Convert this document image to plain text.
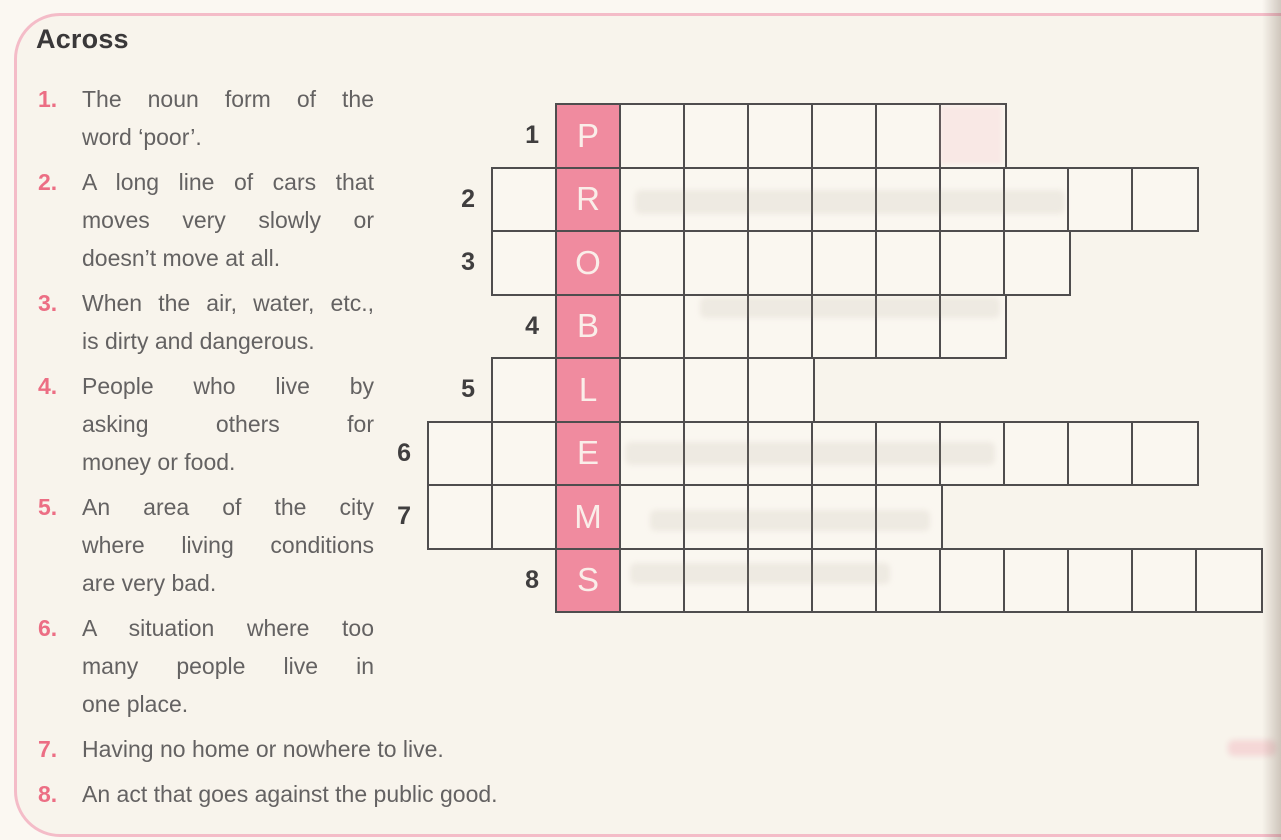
Across
1.	The noun form of the
word ‘poor’.
2.	A long line of cars that
moves very slowly or
doesn’t move at all.
3.	When the air, water, etc.,
is dirty and dangerous.
4.	People who live by
asking others for
money or food.
5.	An area of the city
where living conditions
are very bad.
6.	A situation where too
many people live in
one place.
7.	Having no home or nowhere to live.
8.	An act that goes against the public good.
P
1
R
2
O
3
B
4
L
5
E
6
M
7
S
8
